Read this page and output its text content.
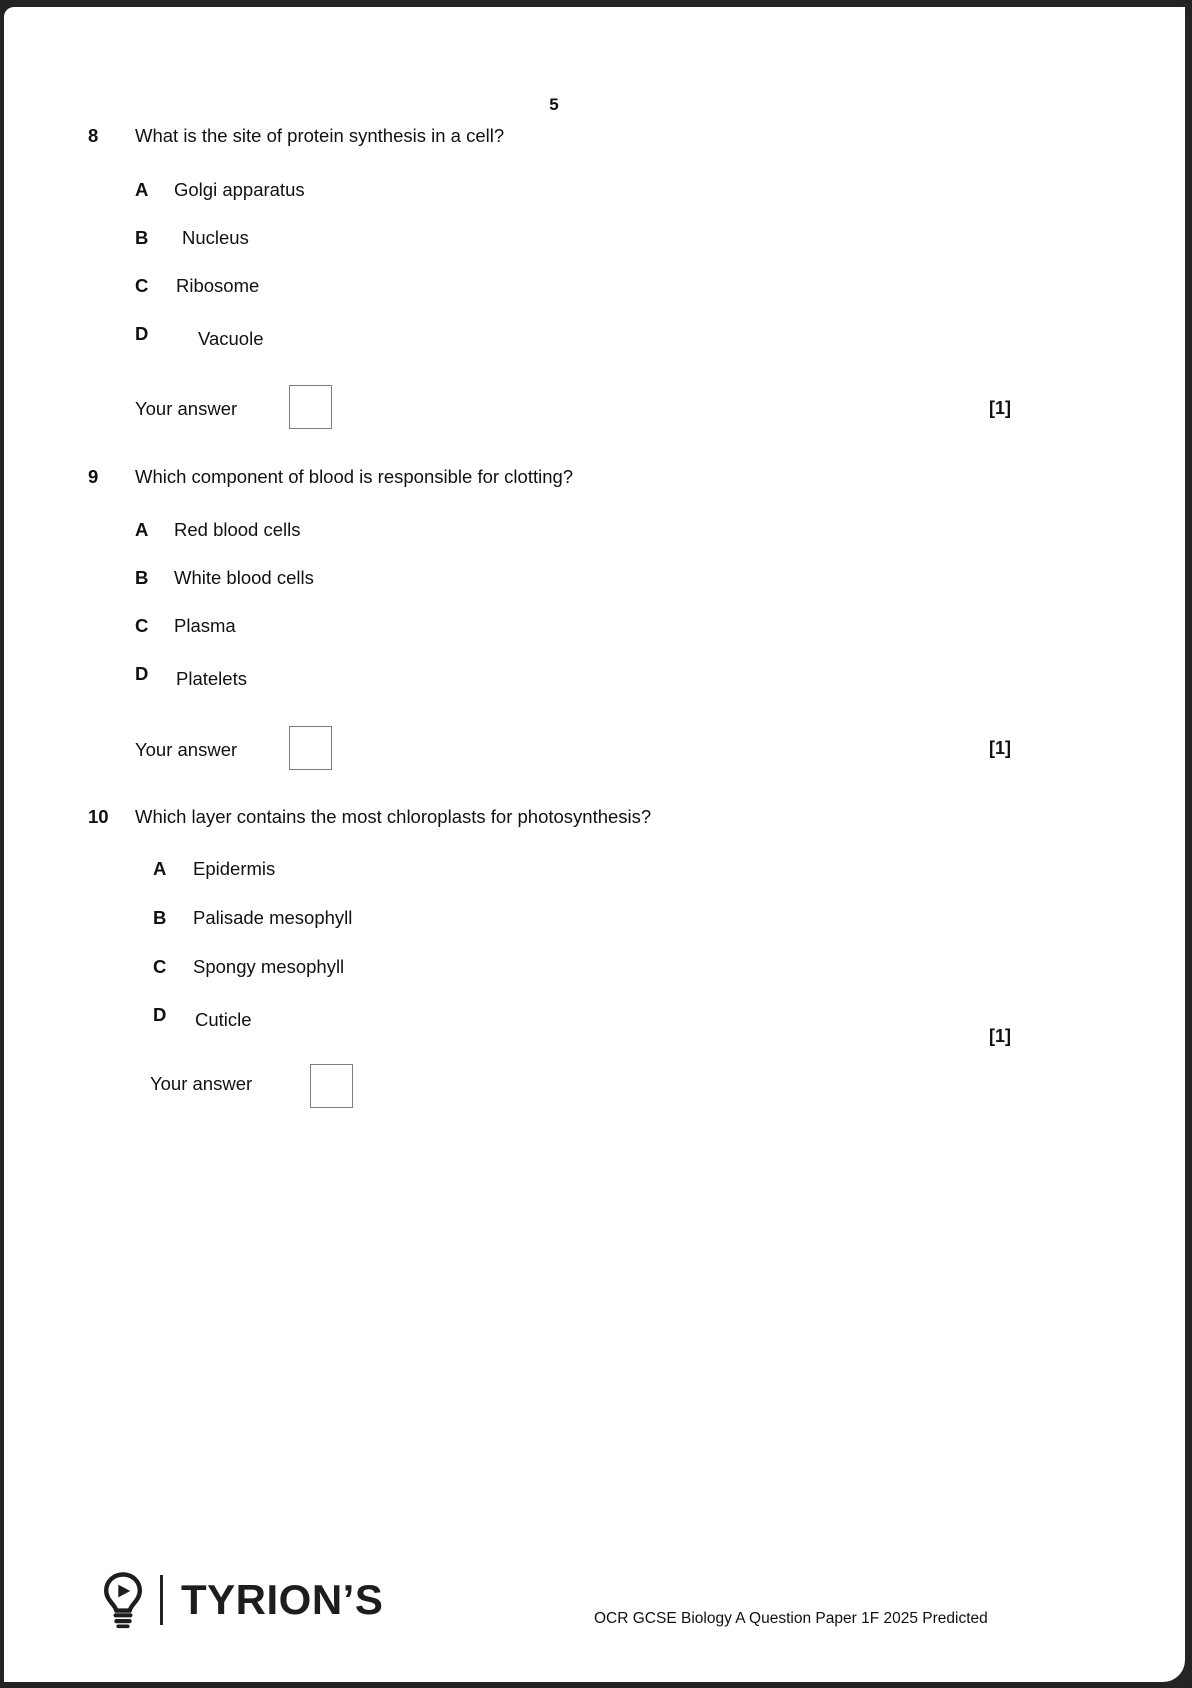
5
8 What is the site of protein synthesis in a cell?
A Golgi apparatus
B Nucleus
C Ribosome
D	Vacuole
Your answer	[1]
9 Which component of blood is responsible for clotting?
A Red blood cells
B White blood cells
C Plasma
D Platelets
Your answer	[1]
10 Which layer contains the most chloroplasts for photosynthesis?
A Epidermis
B Palisade mesophyll
C Spongy mesophyll
D Cuticle
Your answer
[1]
TYRION’S	OCR GCSE Biology A Question Paper 1F 2025 Predicted
